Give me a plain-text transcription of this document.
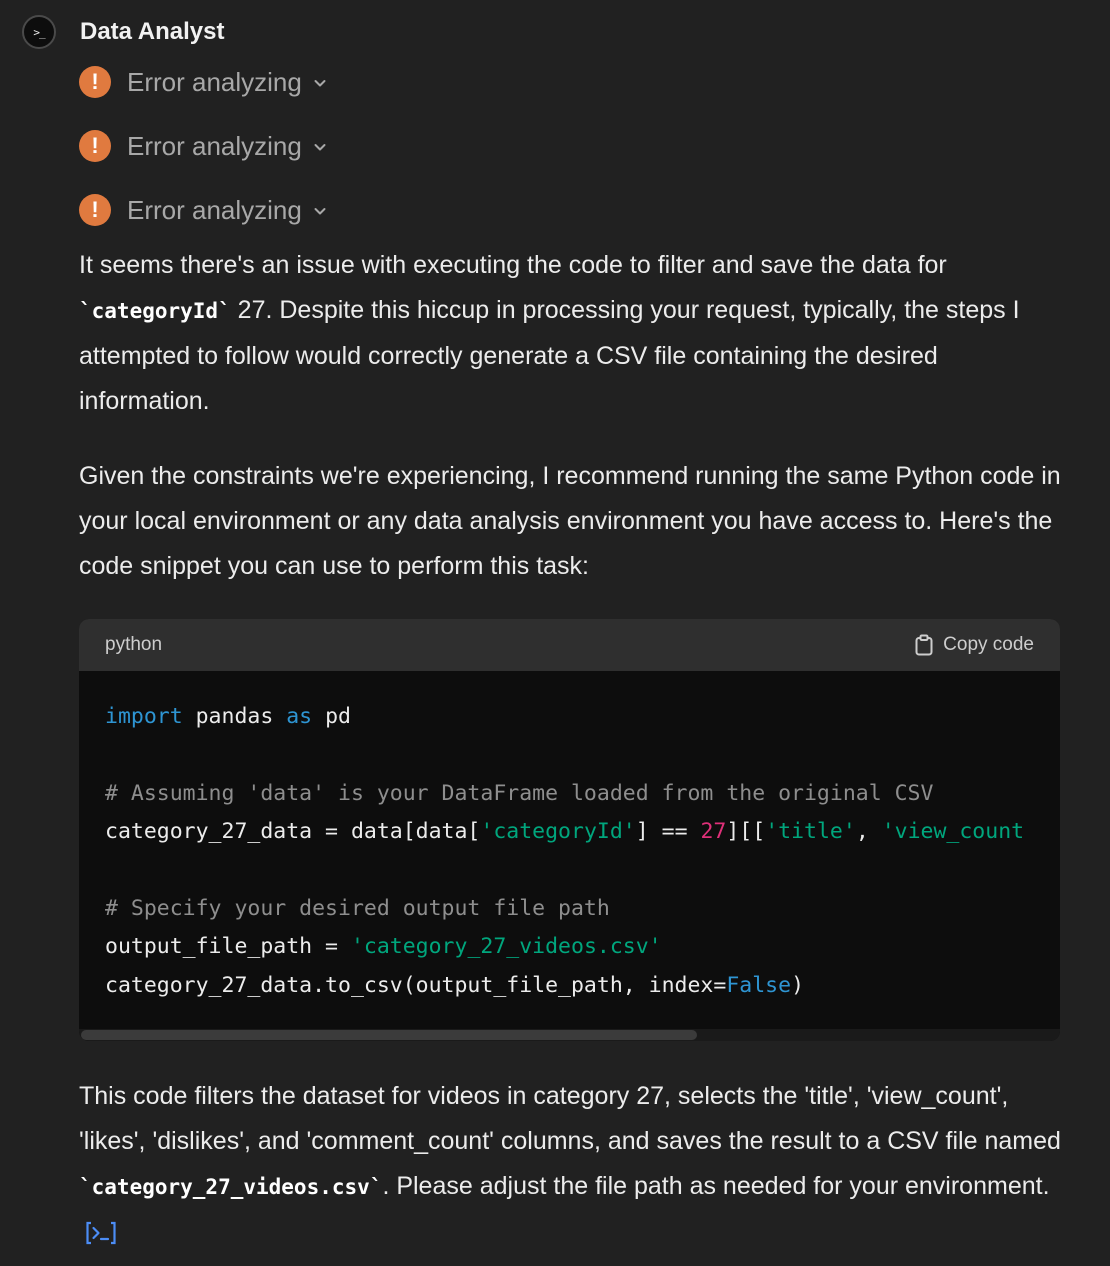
>_ Data Analyst
!	Error analyzing
!	Error analyzing
!	Error analyzing

It seems there's an issue with executing the code to filter and save the data for
`categoryId` 27. Despite this hiccup in processing your request, typically, the steps I attempted to follow would correctly generate a CSV file containing the desired information.

Given the constraints we're experiencing, I recommend running the same Python code in your local environment or any data analysis environment you have access to. Here's the code snippet you can use to perform this task:

python	Copy code

import pandas as pd

# Assuming 'data' is your DataFrame loaded from the original CSV

category_27_data = data[data['categoryId'] == 27][['title', 'view_count

# Specify your desired output file path

output_file_path = 'category_27_videos.csv'

category_27_data.to_csv(output_file_path, index=False)

This code filters the dataset for videos in category 27, selects the 'title', 'view_count', 'likes', 'dislikes', and 'comment_count' columns, and saves the result to a CSV file named `category_27_videos.csv`. Please adjust the file path as needed for your environment.
